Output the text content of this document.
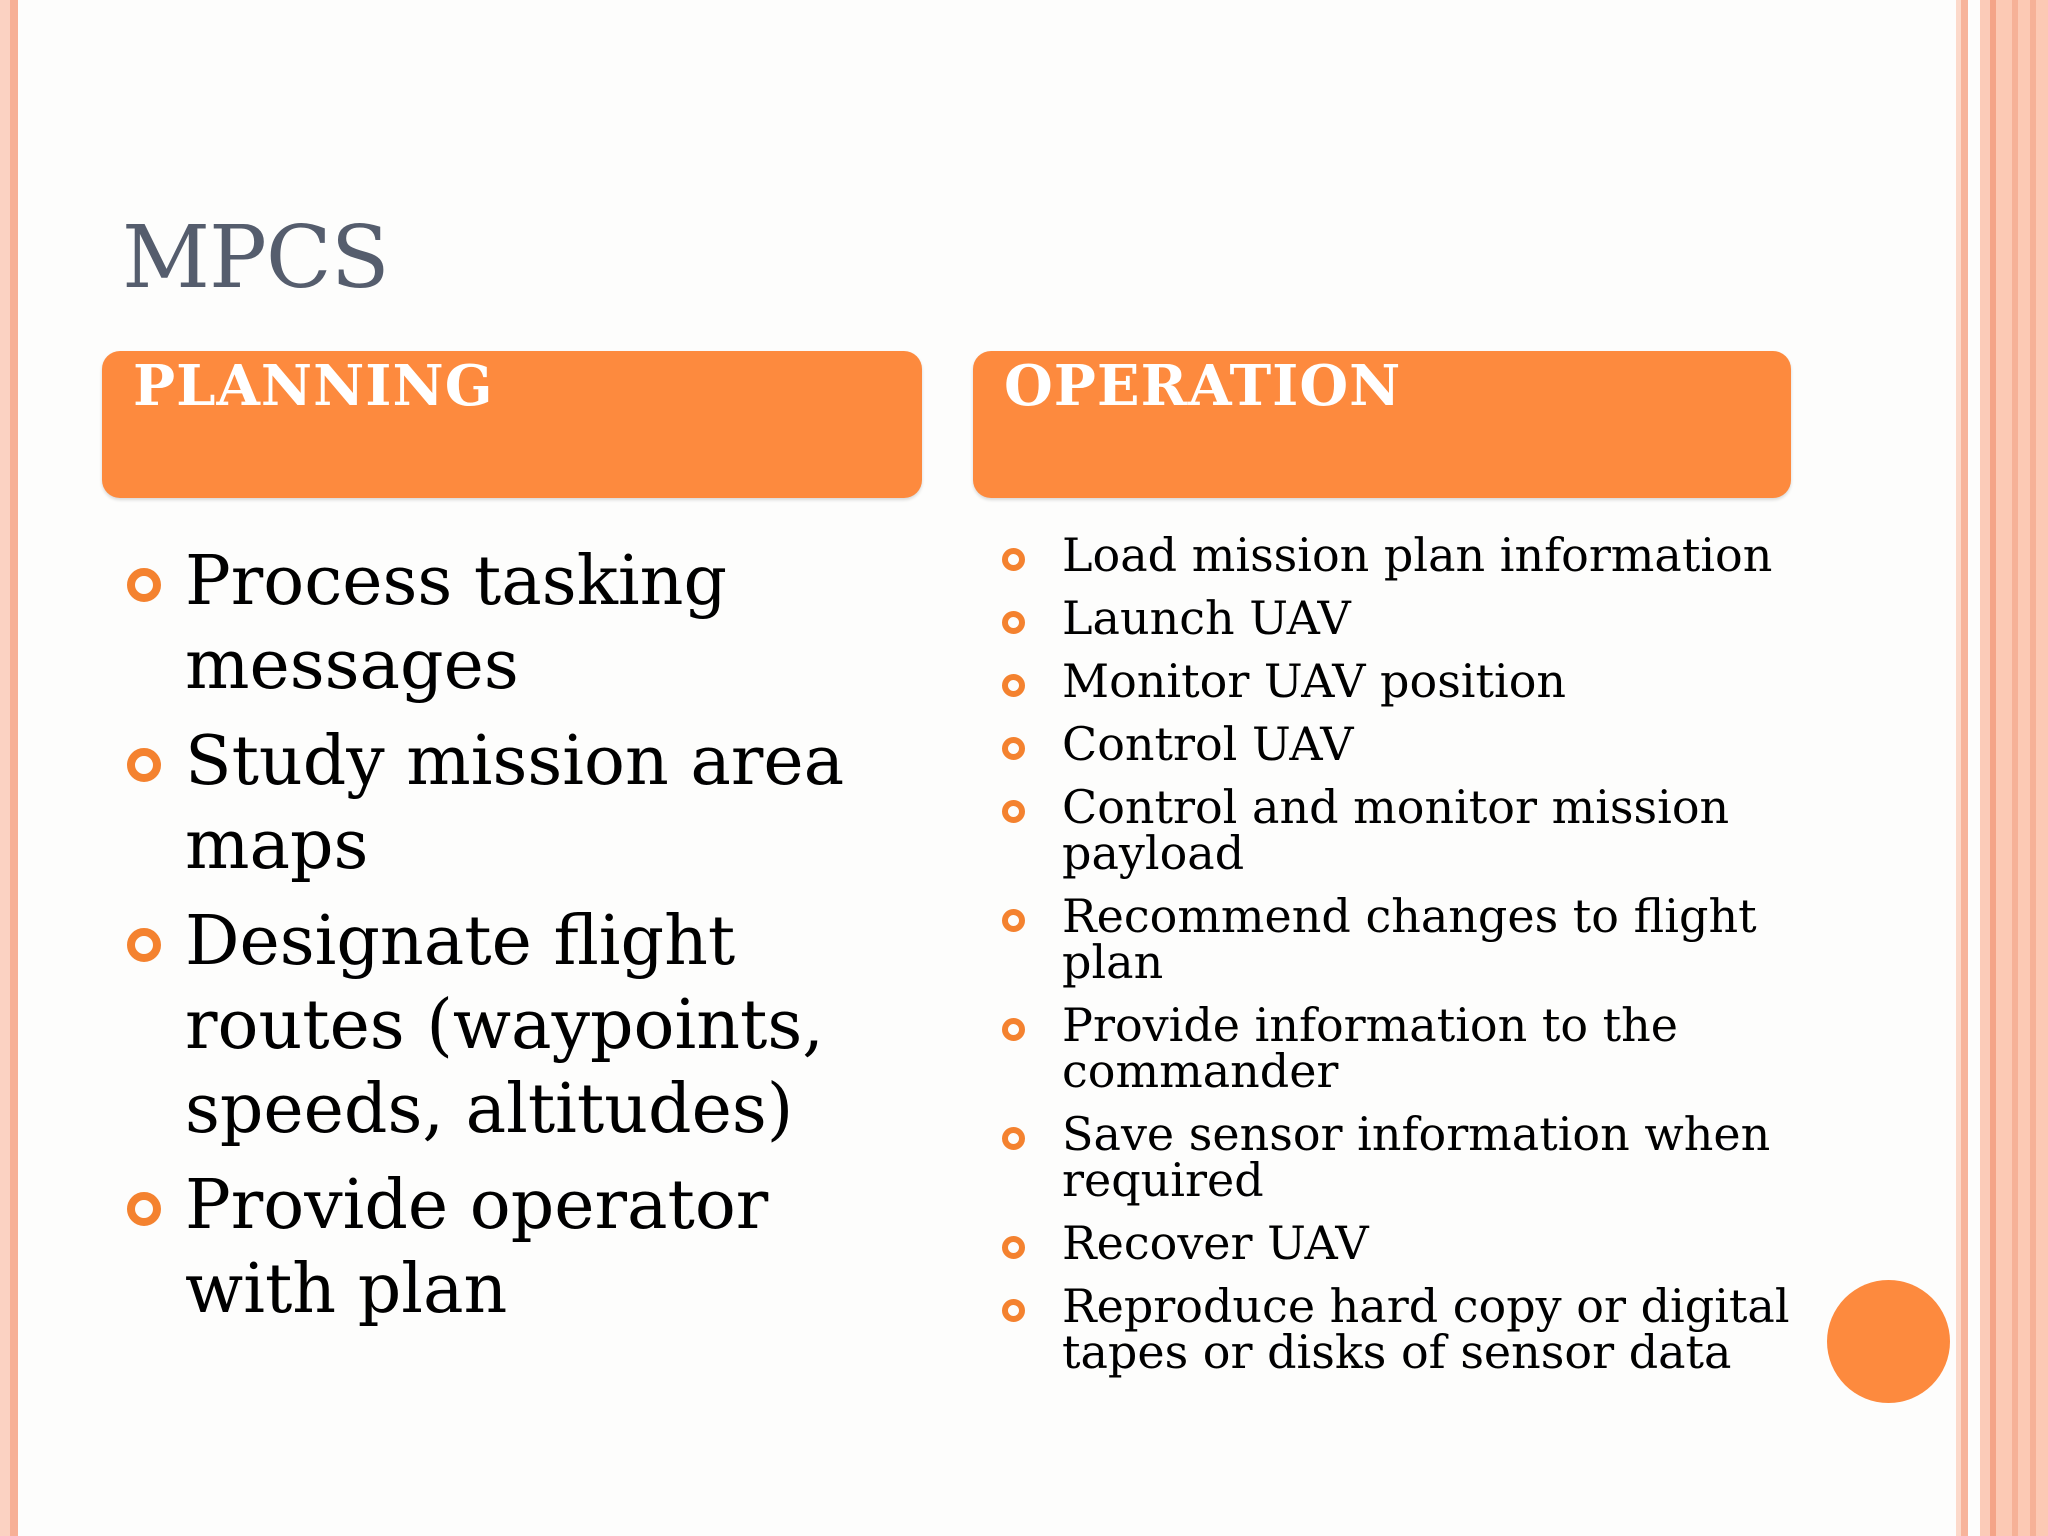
MPCS
PLANNING	OPERATION
Process tasking messages
Study mission area maps
Designate flight routes (waypoints, speeds, altitudes)
Provide operator with plan
Load mission plan information
Launch UAV
Monitor UAV position
Control UAV
Control and monitor mission payload
Recommend changes to flight plan
Provide information to the commander
Save sensor information when required
Recover UAV
Reproduce hard copy or digital tapes or disks of sensor data
